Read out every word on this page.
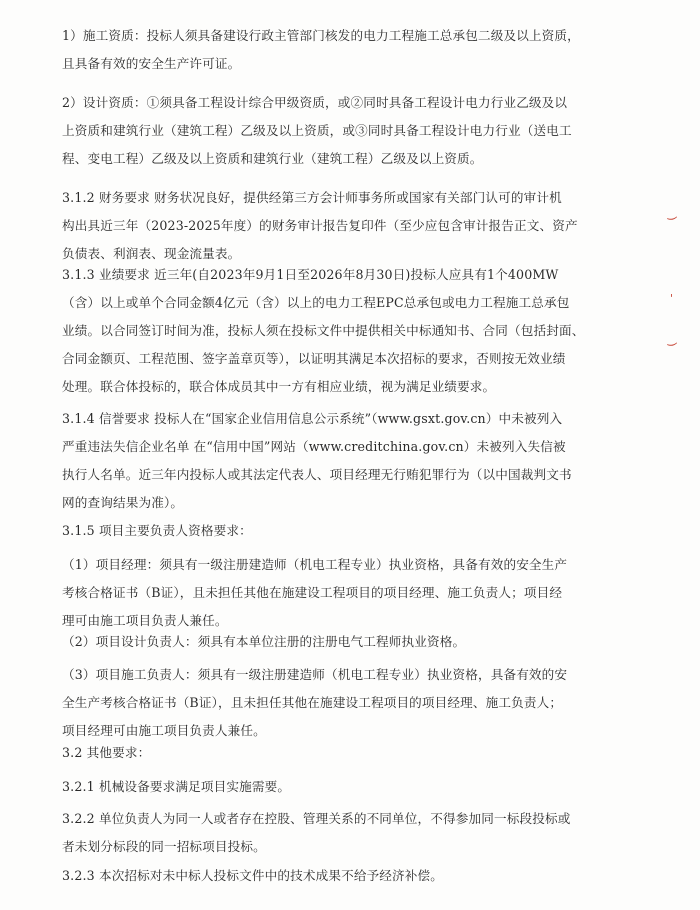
1）施工资质：投标人须具备建设行政主管部门核发的电力工程施工总承包二级及以上资质，
且具备有效的安全生产许可证。
2）设计资质：①须具备工程设计综合甲级资质，或②同时具备工程设计电力行业乙级及以
上资质和建筑行业（建筑工程）乙级及以上资质，或③同时具备工程设计电力行业（送电工
程、变电工程）乙级及以上资质和建筑行业（建筑工程）乙级及以上资质。
3.1.2 财务要求 财务状况良好，提供经第三方会计师事务所或国家有关部门认可的审计机
构出具近三年（2023-2025年度）的财务审计报告复印件（至少应包含审计报告正文、资产
负债表、利润表、现金流量表。
3.1.3 业绩要求 近三年(自2023年9月1日至2026年8月30日)投标人应具有1个400MW
（含）以上或单个合同金额4亿元（含）以上的电力工程EPC总承包或电力工程施工总承包
业绩。以合同签订时间为准，投标人须在投标文件中提供相关中标通知书、合同（包括封面、
合同金额页、工程范围、签字盖章页等），以证明其满足本次招标的要求，否则按无效业绩
处理。联合体投标的，联合体成员其中一方有相应业绩，视为满足业绩要求。
3.1.4 信誉要求 投标人在“国家企业信用信息公示系统”（www.gsxt.gov.cn）中未被列入
严重违法失信企业名单 在“信用中国”网站（www.creditchina.gov.cn）未被列入失信被
执行人名单。近三年内投标人或其法定代表人、项目经理无行贿犯罪行为（以中国裁判文书
网的查询结果为准）。
3.1.5 项目主要负责人资格要求：
（1）项目经理：须具有一级注册建造师（机电工程专业）执业资格，具备有效的安全生产
考核合格证书（B证），且未担任其他在施建设工程项目的项目经理、施工负责人；项目经
理可由施工项目负责人兼任。
（2）项目设计负责人：须具有本单位注册的注册电气工程师执业资格。
（3）项目施工负责人：须具有一级注册建造师（机电工程专业）执业资格，具备有效的安
全生产考核合格证书（B证），且未担任其他在施建设工程项目的项目经理、施工负责人；
项目经理可由施工项目负责人兼任。
3.2 其他要求：
3.2.1 机械设备要求满足项目实施需要。
3.2.2 单位负责人为同一人或者存在控股、管理关系的不同单位，不得参加同一标段投标或
者未划分标段的同一招标项目投标。
3.2.3 本次招标对未中标人投标文件中的技术成果不给予经济补偿。
)
'
)
